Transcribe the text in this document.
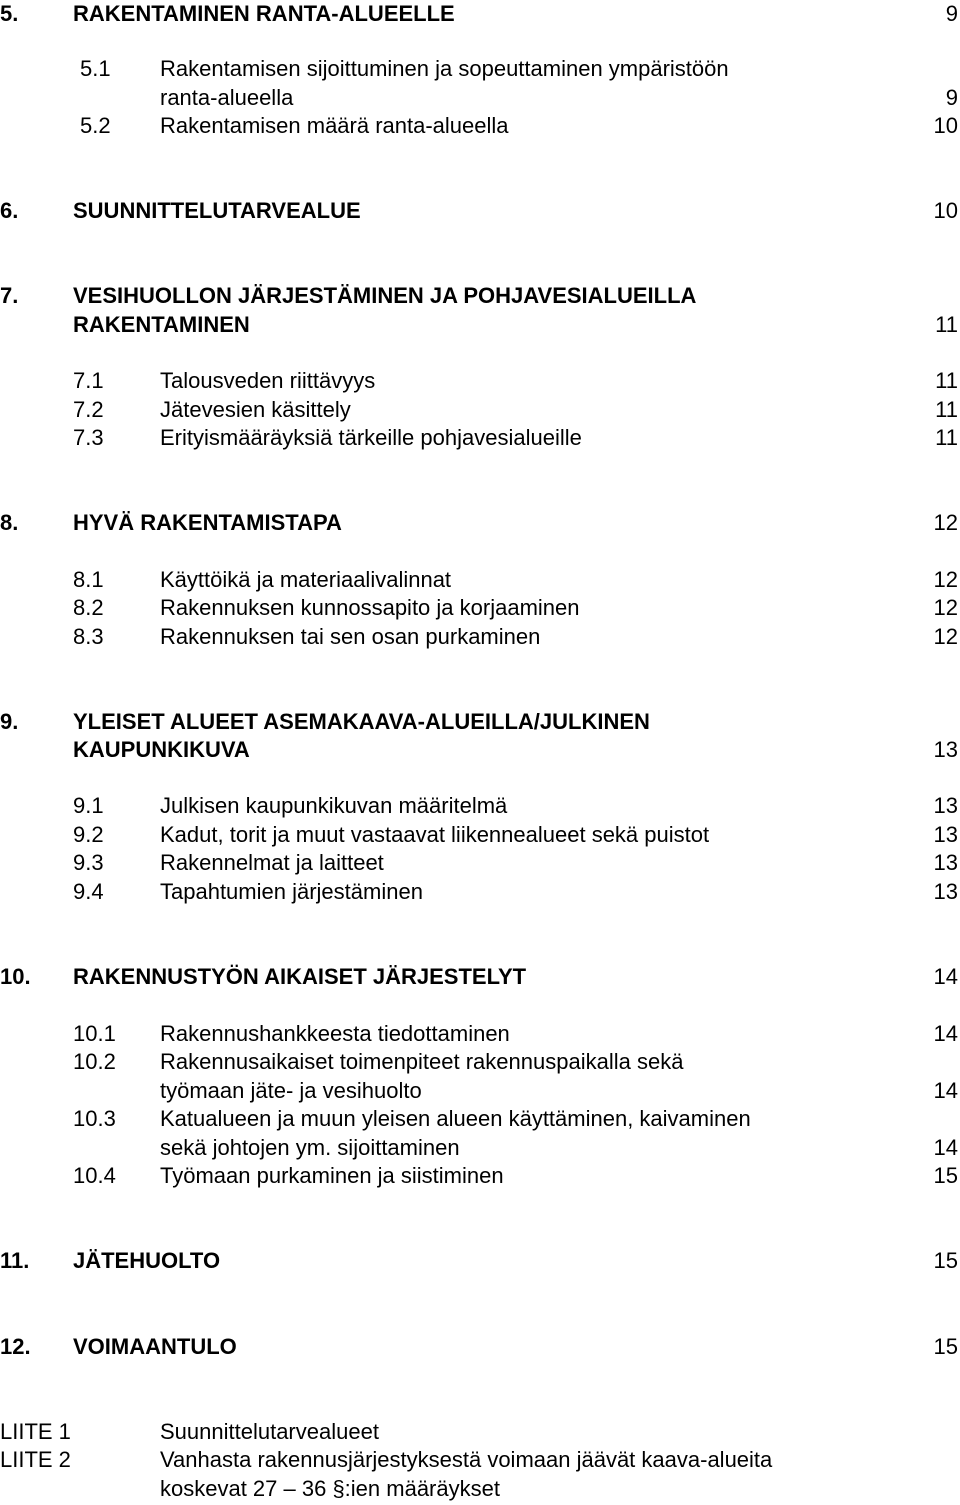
5. RAKENTAMINEN RANTA-ALUEELLE	9
5.1 Rakentamisen sijoittuminen ja sopeuttaminen ympäristöön
ranta-alueella	9
5.2 Rakentamisen määrä ranta-alueella	10
6. SUUNNITTELUTARVEALUE	10
7. VESIHUOLLON JÄRJESTÄMINEN JA POHJAVESIALUEILLA
RAKENTAMINEN	11
7.1	Talousveden riittävyys	11
7.2	Jätevesien käsittely	11
7.3	Erityismääräyksiä tärkeille pohjavesialueille	11
8. HYVÄ RAKENTAMISTAPA	12
8.1	Käyttöikä ja materiaalivalinnat	12
8.2	Rakennuksen kunnossapito ja korjaaminen	12
8.3	Rakennuksen tai sen osan purkaminen	12
9. YLEISET ALUEET ASEMAKAAVA-ALUEILLA/JULKINEN
KAUPUNKIKUVA	13
9.1	Julkisen kaupunkikuvan määritelmä	13
9.2	Kadut, torit ja muut vastaavat liikennealueet sekä puistot	13
9.3	Rakennelmat ja laitteet	13
9.4	Tapahtumien järjestäminen	13
10. RAKENNUSTYÖN AIKAISET JÄRJESTELYT	14
10.1 Rakennushankkeesta tiedottaminen	14
10.2 Rakennusaikaiset toimenpiteet rakennuspaikalla sekä
työmaan jäte- ja vesihuolto	14
10.3 Katualueen ja muun yleisen alueen käyttäminen, kaivaminen
sekä johtojen ym. sijoittaminen	14
10.4 Työmaan purkaminen ja siistiminen	15
11. JÄTEHUOLTO	15
12. VOIMAANTULO	15
LIITE 1	Suunnittelutarvealueet
LIITE 2	Vanhasta rakennusjärjestyksestä voimaan jäävät kaava-alueita
koskevat 27 – 36 §:ien määräykset
